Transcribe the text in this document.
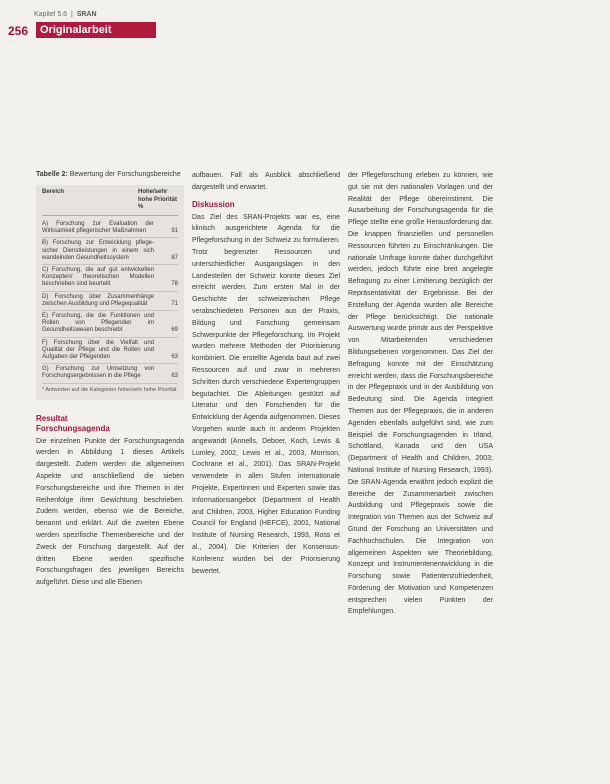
Kapitel 5.6  |  SRAN
256	Originalarbeit
Tabelle 2: Bewertung der Forschungsbereiche
Bereich	Hohe/sehr hohe Priorität %
A) Forschung zur Evaluation der Wirksamkeit pflegerischer Maßnahmen	91
B) Forschung zur Entwicklung pflege-sicher Dienstleistungen in einem sich wandelnden Gesundheitssystem	87
C) Forschung, die auf gut entwickelten Konzepten/ theoretischen Modellen beschrieben sind beurteilt	78
D) Forschung über Zusammenhänge zwischen Ausbildung und Pflegequalität	71
E) Forschung, die die Funktionen und Rollen von Pflegenden im Gesundheitswesen beschreibt	69
F) Forschung über die Vielfalt und Qualität der Pflege und die Rollen und Aufgaben der Pflegenden	63
G) Forschung zur Umsetzung von Forschungsergebnissen in die Pflege	63
* Antworten auf die Kategorien hohe/sehr hohe Priorität
Resultat
Forschungsagenda

Die einzelnen Punkte der Forschungsagenda werden in Abbildung 1 dieses Artikels dargestellt. Zudem werden die allgemeinen Aspekte und anschließend die sieben Forschungsbereiche und ihre Themen in der Reihenfolge ihrer Gewichtung beschrieben. Zudem werden, ebenso wie die Bereiche, benannt und erklärt. Auf die zweiten Ebene werden spezifische Themenbereiche und der Zweck der Forschung dargestellt. Auf der dritten Ebene werden spezifische Forschungsfragen des jeweiligen Bereichs aufgeführt. Diese und alle Ebenen

aufbauen. Fall als Ausblick abschließend dargestellt und erwartet.

Diskussion

Das Ziel des SRAN-Projekts war es, eine klinisch ausgerichtete Agenda für die Pflegeforschung in der Schweiz zu formulieren. Trotz begrenzter Ressourcen und unterschiedlicher Ausgangslagen in den Landesteilen der Schweiz konnte dieses Ziel erreicht werden. Zum ersten Mal in der Geschichte der schweizerischen Pflege verabschiedeten Personen aus der Praxis, Bildung und Forschung gemeinsam Schwerpunkte der Pflegeforschung. Im Projekt wurden mehrere Methoden der Priorisierung kombiniert. Die erstellte Agenda baut auf zwei Ressourcen auf und zwar in mehreren Schritten durch verschiedene Expertengruppen begutachtet. Die Ableitungen gestützt auf Literatur und den Forschenden für die Entwicklung der Agenda aufgenommen. Dieses Vorgehen wurde auch in anderen Projekten angewandt (Annells, Deboer, Koch, Lewis & Lumley, 2002, Lewis et al., 2003, Morrison, Cochrane et al., 2001). Das SRAN-Projekt verwendete in allen Stufen internationale Projekte, Expertinnen und Experten sowie das Informationsangebot (Department of Health and Children, 2003, Higher Education Funding Council for England (HEFCE), 2001, National Institute of Nursing Research, 1993, Ross et al., 2004). Die Kriterien der Konsensus-Konferenz wurden bei der Priorisierung bewertet.

der Pflegeforschung erleben zu können, wie gut sie mit den nationalen Vorlagen und der Realität der Pflege übereinstimmt. Die Ausarbeitung der Forschungsagenda für die Pflege stellte eine große Herausforderung dar. Die knappen finanziellen und personellen Ressourcen führten zu Einschränkungen. Die nationale Umfrage konnte daher durchgeführt werden, jedoch führte eine breit angelegte Befragung zu einer Limitierung bezüglich der Repräsentativität der Ergebnisse. Bei der Erstellung der Agenda wurden alle Bereiche der Pflege berücksichtigt. Die nationale Auswertung wurde primär aus der Perspektive von Mitarbeitenden verschiedener Bildungsebenen vorgenommen. Das Ziel der Befragung konnte mit der Einschätzung erreicht werden, dass die Forschungsbereiche in der Pflegepraxis und in der Ausbildung von Bedeutung sind. Die Agenda integriert Themen aus der Pflegepraxis, die in anderen Agenden ebenfalls aufgeführt sind, wie zum Beispiel die Forschungsagenden in Irland, Schottland, Kanada und den USA (Department of Health and Children, 2003; National Institute of Nursing Research, 1993). Die SRAN-Agenda erwähnt jedoch explizit die Bereiche der Zusammenarbeit zwischen Ausbildung und Pflegepraxis sowie die Integration von Themen aus der Schweiz auf Grund der Forschung an Universitäten und Fachhochschulen. Die Integration von allgemeinen Aspekten wie Theoriebildung, Konzept und Instrumentenentwicklung in die Forschung sowie Patientenzufriedenheit, Förderung der Motivation und Kompetenzen entsprechen vielen Punkten der Empfehlungen.
